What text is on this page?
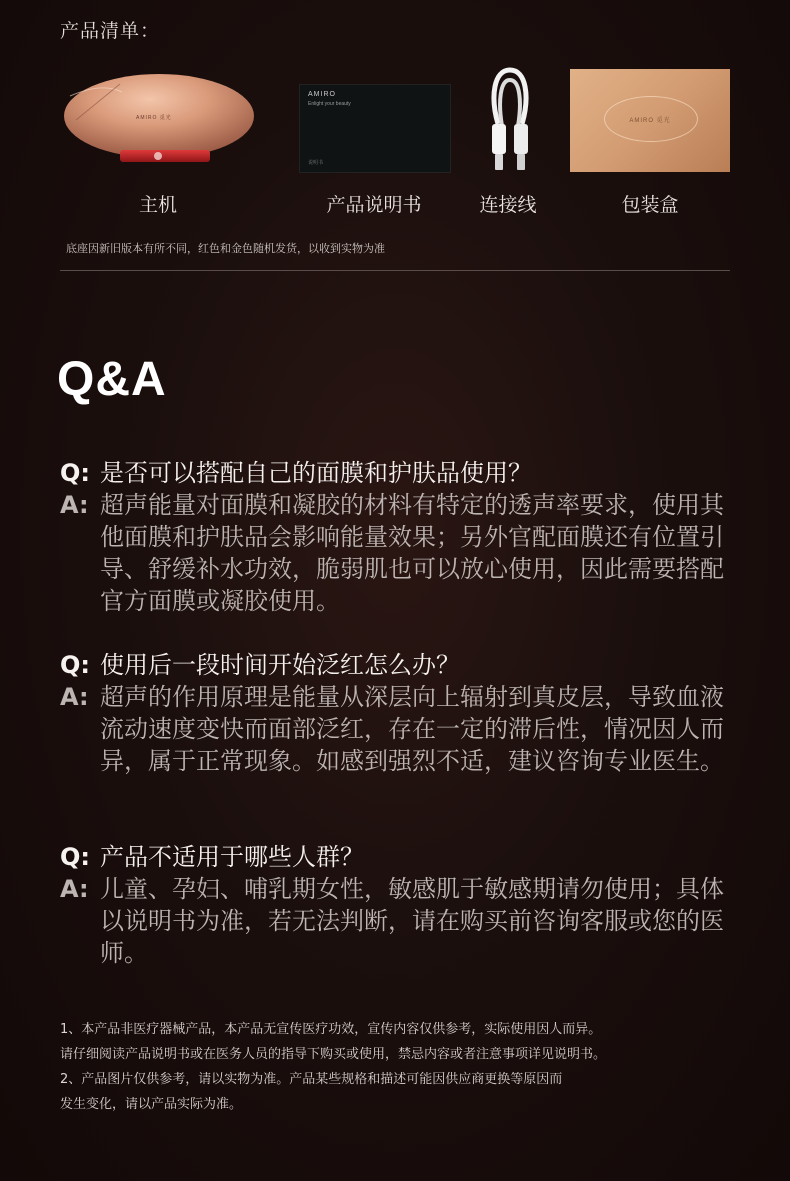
产品清单：
AMIRO 觅光
AMIRO
Enlight your beauty
说明书
AMIRO 觅光
主机	产品说明书	连接线	包装盒
底座因新旧版本有所不同，红色和金色随机发货，以收到实物为准
Q&A
Q: 是否可以搭配自己的面膜和护肤品使用？
A: 超声能量对面膜和凝胶的材料有特定的透声率要求，使用其他面膜和护肤品会影响能量效果；另外官配面膜还有位置引导、舒缓补水功效，脆弱肌也可以放心使用，因此需要搭配官方面膜或凝胶使用。
Q: 使用后一段时间开始泛红怎么办？
A: 超声的作用原理是能量从深层向上辐射到真皮层，导致血液流动速度变快而面部泛红，存在一定的滞后性，情况因人而异，属于正常现象。如感到强烈不适，建议咨询专业医生。
Q: 产品不适用于哪些人群？
A: 儿童、孕妇、哺乳期女性，敏感肌于敏感期请勿使用；具体以说明书为准，若无法判断，请在购买前咨询客服或您的医师。
1、本产品非医疗器械产品，本产品无宣传医疗功效，宣传内容仅供参考，实际使用因人而异。
请仔细阅读产品说明书或在医务人员的指导下购买或使用，禁忌内容或者注意事项详见说明书。
2、产品图片仅供参考，请以实物为准。产品某些规格和描述可能因供应商更换等原因而
发生变化，请以产品实际为准。
